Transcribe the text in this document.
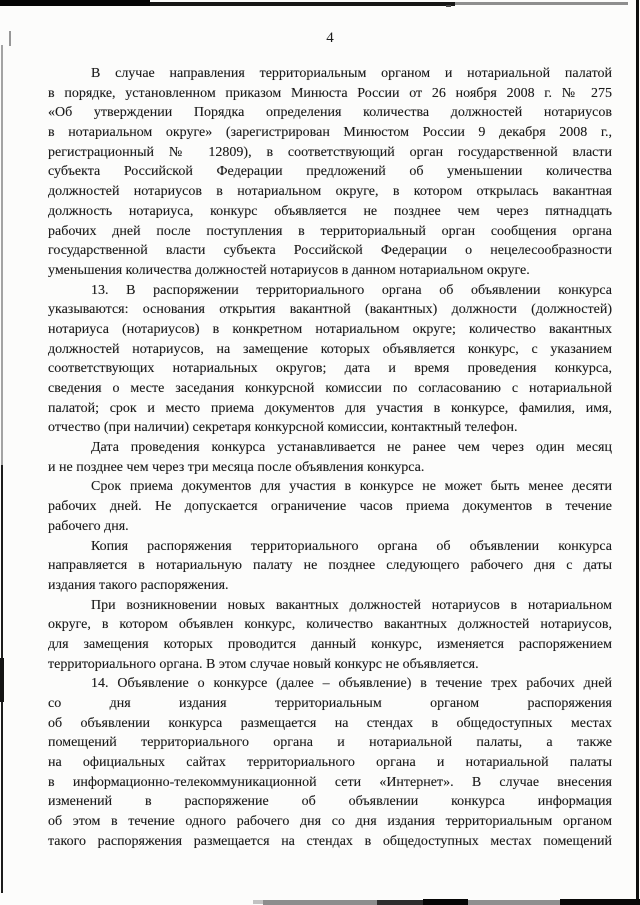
4
В случае направления территориальным органом и нотариальной палатой
в порядке, установленном приказом Минюста России от 26 ноября 2008 г. № 275
«Об утверждении Порядка определения количества должностей нотариусов
в нотариальном округе» (зарегистрирован Минюстом России 9 декабря 2008 г.,
регистрационный № 12809), в соответствующий орган государственной власти
субъекта Российской Федерации предложений об уменьшении количества
должностей нотариусов в нотариальном округе, в котором открылась вакантная
должность нотариуса, конкурс объявляется не позднее чем через пятнадцать
рабочих дней после поступления в территориальный орган сообщения органа
государственной власти субъекта Российской Федерации о нецелесообразности
уменьшения количества должностей нотариусов в данном нотариальном округе.
13. В распоряжении территориального органа об объявлении конкурса
указываются: основания открытия вакантной (вакантных) должности (должностей)
нотариуса (нотариусов) в конкретном нотариальном округе; количество вакантных
должностей нотариусов, на замещение которых объявляется конкурс, с указанием
соответствующих нотариальных округов; дата и время проведения конкурса,
сведения о месте заседания конкурсной комиссии по согласованию с нотариальной
палатой; срок и место приема документов для участия в конкурсе, фамилия, имя,
отчество (при наличии) секретаря конкурсной комиссии, контактный телефон.
Дата проведения конкурса устанавливается не ранее чем через один месяц
и не позднее чем через три месяца после объявления конкурса.
Срок приема документов для участия в конкурсе не может быть менее десяти
рабочих дней. Не допускается ограничение часов приема документов в течение
рабочего дня.
Копия распоряжения территориального органа об объявлении конкурса
направляется в нотариальную палату не позднее следующего рабочего дня с даты
издания такого распоряжения.
При возникновении новых вакантных должностей нотариусов в нотариальном
округе, в котором объявлен конкурс, количество вакантных должностей нотариусов,
для замещения которых проводится данный конкурс, изменяется распоряжением
территориального органа. В этом случае новый конкурс не объявляется.
14. Объявление о конкурсе (далее – объявление) в течение трех рабочих дней
со дня издания территориальным органом распоряжения
об объявлении конкурса размещается на стендах в общедоступных местах
помещений территориального органа и нотариальной палаты, а также
на официальных сайтах территориального органа и нотариальной палаты
в информационно-телекоммуникационной сети «Интернет». В случае внесения
изменений в распоряжение об объявлении конкурса информация
об этом в течение одного рабочего дня со дня издания территориальным органом
такого распоряжения размещается на стендах в общедоступных местах помещений
